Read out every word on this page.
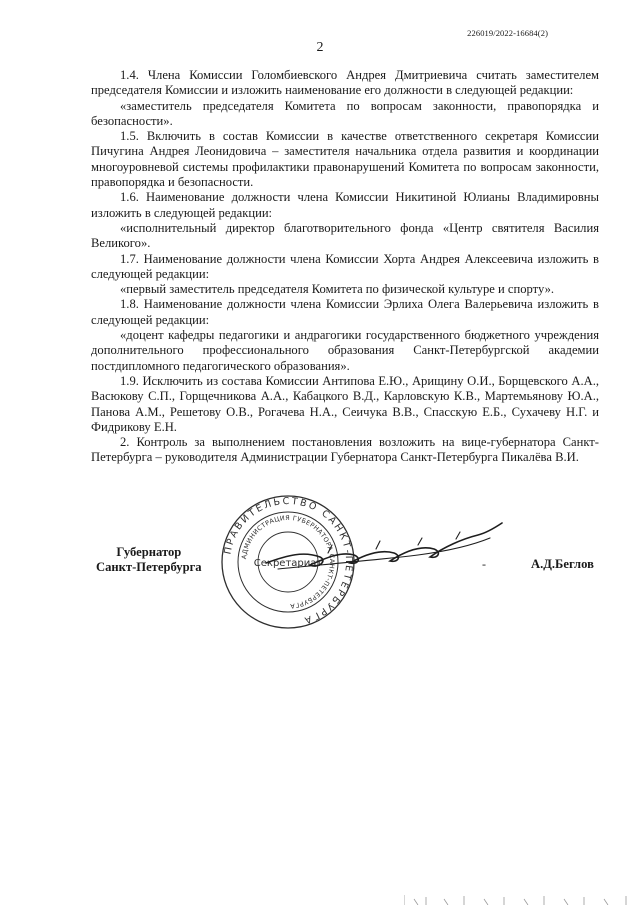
226019/2022-16684(2)
2

1.4. Члена Комиссии Голомбиевского Андрея Дмитриевича считать заместителем председателя Комиссии и изложить наименование его должности в следующей редакции:

«заместитель председателя Комитета по вопросам законности, правопорядка и безопасности».

1.5. Включить в состав Комиссии в качестве ответственного секретаря Комиссии Пичугина Андрея Леонидовича – заместителя начальника отдела развития и координации многоуровневой системы профилактики правонарушений Комитета по вопросам законности, правопорядка и безопасности.

1.6. Наименование должности члена Комиссии Никитиной Юлианы Владимировны изложить в следующей редакции:

«исполнительный директор благотворительного фонда «Центр святителя Василия Великого».

1.7. Наименование должности члена Комиссии Хорта Андрея Алексеевича изложить в следующей редакции:

«первый заместитель председателя Комитета по физической культуре и спорту».

1.8. Наименование должности члена Комиссии Эрлиха Олега Валерьевича изложить в следующей редакции:

«доцент кафедры педагогики и андрагогики государственного бюджетного учреждения дополнительного профессионального образования Санкт-Петербургской академии постдипломного педагогического образования».

1.9. Исключить из состава Комиссии Антипова Е.Ю., Арищину О.И., Борщевского А.А., Васюкову С.П., Горщечникова А.А., Кабацкого В.Д., Карловскую К.В., Мартемьянову Ю.А., Панова А.М., Решетову О.В., Рогачева Н.А., Сеичука В.В., Спасскую Е.Б., Сухачеву Н.Г. и Фидрикову Е.Н.

2. Контроль за выполнением постановления возложить на вице-губернатора Санкт-Петербурга – руководителя Администрации Губернатора Санкт-Петербурга Пикалёва В.И.

Губернатор
Санкт-Петербурга
ПРАВИТЕЛЬСТВО САНКТ-ПЕТЕРБУРГА
АДМИНИСТРАЦИЯ ГУБЕРНАТОРА САНКТ-ПЕТЕРБУРГА
Секретариат	-	А.Д.Беглов
